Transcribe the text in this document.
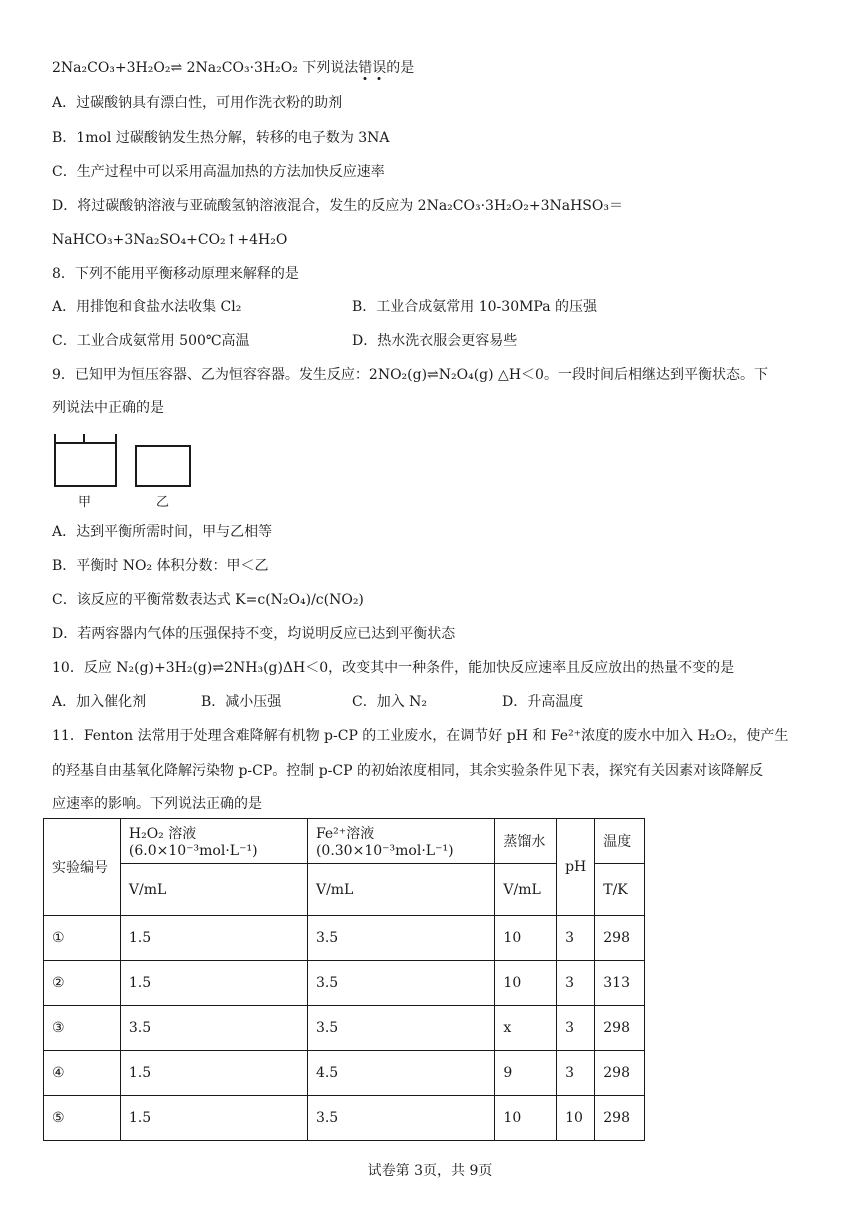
2Na₂CO₃+3H₂O₂⇌ 2Na₂CO₃·3H₂O₂ 下列说法错误的是
A．过碳酸钠具有漂白性，可用作洗衣粉的助剂
B．1mol 过碳酸钠发生热分解，转移的电子数为 3NA
C．生产过程中可以采用高温加热的方法加快反应速率
D．将过碳酸钠溶液与亚硫酸氢钠溶液混合，发生的反应为 2Na₂CO₃·3H₂O₂+3NaHSO₃＝
NaHCO₃+3Na₂SO₄+CO₂↑+4H₂O
8．下列不能用平衡移动原理来解释的是
A．用排饱和食盐水法收集 Cl₂	B．工业合成氨常用 10-30MPa 的压强
C．工业合成氨常用 500℃高温	D．热水洗衣服会更容易些
9．已知甲为恒压容器、乙为恒容容器。发生反应：2NO₂(g)⇌N₂O₄(g) △H＜0。一段时间后相继达到平衡状态。下
列说法中正确的是
甲	乙
A．达到平衡所需时间，甲与乙相等
B．平衡时 NO₂ 体积分数：甲＜乙
C．该反应的平衡常数表达式 K=c(N₂O₄)/c(NO₂)
D．若两容器内气体的压强保持不变，均说明反应已达到平衡状态
10．反应 N₂(g)+3H₂(g)⇌2NH₃(g)ΔH＜0，改变其中一种条件，能加快反应速率且反应放出的热量不变的是
A．加入催化剂	B．减小压强	C．加入 N₂	D．升高温度
11．Fenton 法常用于处理含难降解有机物 p-CP 的工业废水，在调节好 pH 和 Fe²⁺浓度的废水中加入 H₂O₂，使产生
的羟基自由基氧化降解污染物 p-CP。控制 p-CP 的初始浓度相同，其余实验条件见下表，探究有关因素对该降解反
应速率的影响。下列说法正确的是
实验编号	H₂O₂ 溶液(6.0×10⁻³mol·L⁻¹)	Fe²⁺溶液(0.30×10⁻³mol·L⁻¹)	蒸馏水	pH	温度
	V/mL	V/mL	V/mL		T/K
①	1.5	3.5	10	3	298
②	1.5	3.5	10	3	313
③	3.5	3.5	x	3	298
④	1.5	4.5	9	3	298
⑤	1.5	3.5	10	10	298
试卷第 3页，共 9页
